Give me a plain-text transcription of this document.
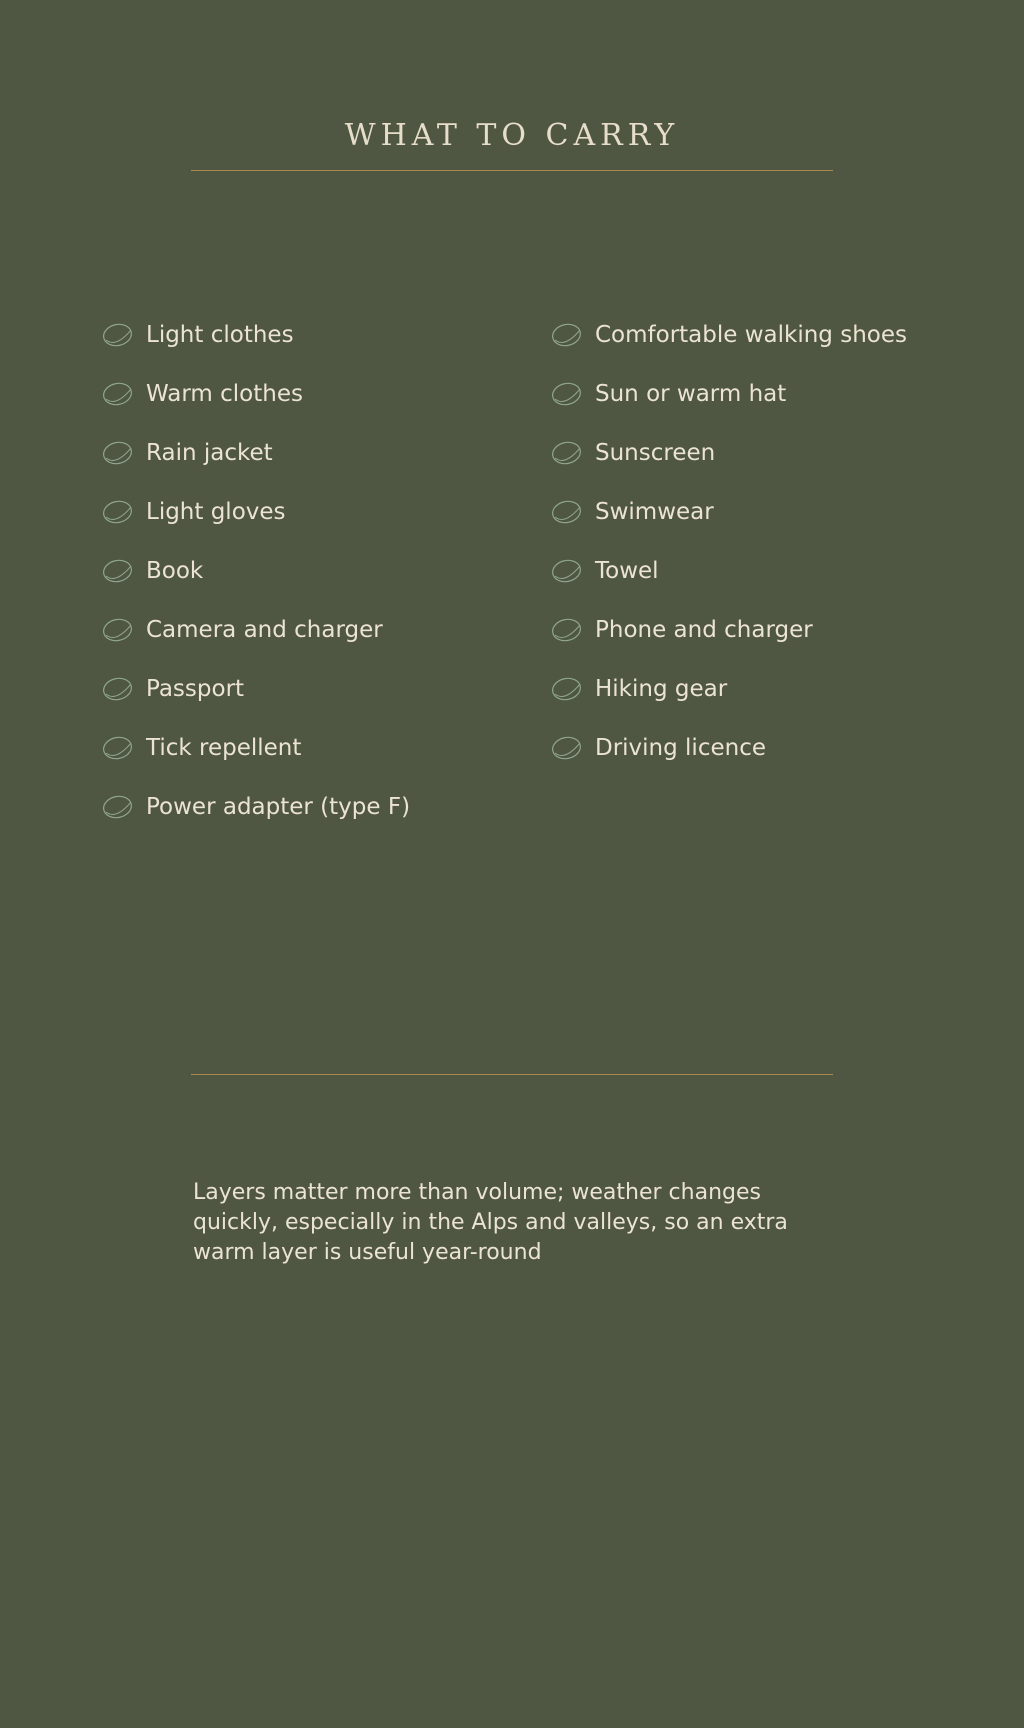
WHAT TO CARRY
Light clothes
Warm clothes
Rain jacket
Light gloves
Book
Camera and charger
Passport
Tick repellent
Power adapter (type F)
Comfortable walking shoes
Sun or warm hat
Sunscreen
Swimwear
Towel
Phone and charger
Hiking gear
Driving licence

Layers matter more than volume; weather changes quickly, especially in the Alps and valleys, so an extra warm layer is useful year-round
